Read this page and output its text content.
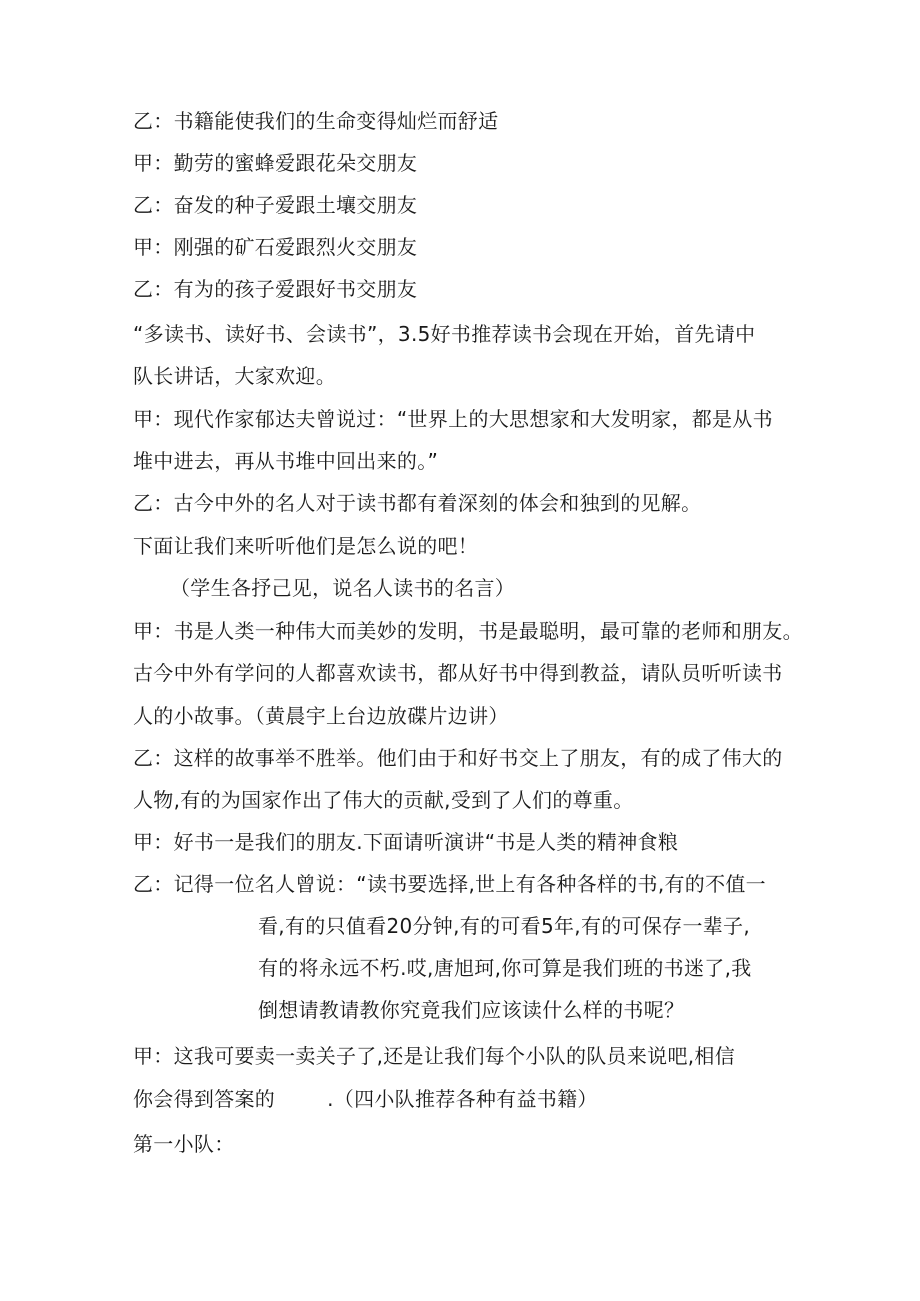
乙：书籍能使我们的生命变得灿烂而舒适
甲：勤劳的蜜蜂爱跟花朵交朋友
乙：奋发的种子爱跟土壤交朋友
甲：刚强的矿石爱跟烈火交朋友
乙：有为的孩子爱跟好书交朋友
“多读书、读好书、会读书”，3.5好书推荐读书会现在开始，首先请中
队长讲话，大家欢迎。
甲：现代作家郁达夫曾说过：“世界上的大思想家和大发明家，都是从书
堆中进去，再从书堆中回出来的。”
乙：古今中外的名人对于读书都有着深刻的体会和独到的见解。
下面让我们来听听他们是怎么说的吧！
（学生各抒己见，说名人读书的名言）
甲：书是人类一种伟大而美妙的发明，书是最聪明，最可靠的老师和朋友。
古今中外有学问的人都喜欢读书，都从好书中得到教益，请队员听听读书
人的小故事。（黄晨宇上台边放碟片边讲）
乙：这样的故事举不胜举。他们由于和好书交上了朋友，有的成了伟大的
人物,有的为国家作出了伟大的贡献,受到了人们的尊重。
甲：好书一是我们的朋友.下面请听演讲“书是人类的精神食粮
乙：记得一位名人曾说：“读书要选择,世上有各种各样的书,有的不值一
看,有的只值看20分钟,有的可看5年,有的可保存一辈子,
有的将永远不朽.哎,唐旭珂,你可算是我们班的书迷了,我
倒想请教请教你究竟我们应该读什么样的书呢？
甲：这我可要卖一卖关子了,还是让我们每个小队的队员来说吧,相信
你会得到答案的	.（四小队推荐各种有益书籍）
第一小队：
